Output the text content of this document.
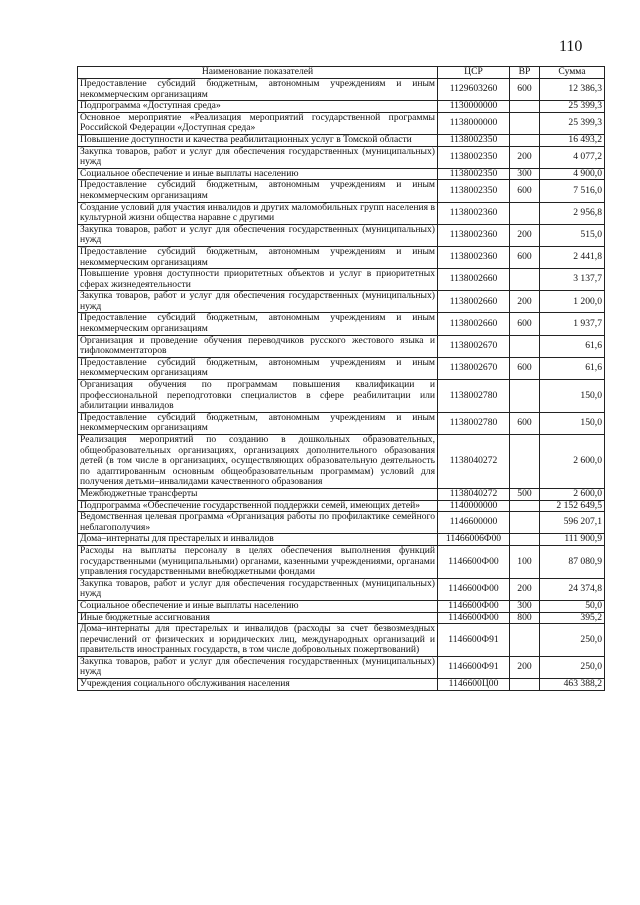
110
Наименование показателей	ЦСР	ВР	Сумма
Предоставление субсидий бюджетным, автономным учреждениям и иным некоммерческим организациям	1129603260	600	12 386,3
Подпрограмма «Доступная среда»	1130000000		25 399,3
Основное мероприятие «Реализация мероприятий государственной программы Российской Федерации «Доступная среда»	1138000000		25 399,3
Повышение доступности и качества реабилитационных услуг в Томской области	1138002350		16 493,2
Закупка товаров, работ и услуг для обеспечения государственных (муниципальных) нужд	1138002350	200	4 077,2
Социальное обеспечение и иные выплаты населению	1138002350	300	4 900,0
Предоставление субсидий бюджетным, автономным учреждениям и иным некоммерческим организациям	1138002350	600	7 516,0
Создание условий для участия инвалидов и других маломобильных групп населения в культурной жизни общества наравне с другими	1138002360		2 956,8
Закупка товаров, работ и услуг для обеспечения государственных (муниципальных) нужд	1138002360	200	515,0
Предоставление субсидий бюджетным, автономным учреждениям и иным некоммерческим организациям	1138002360	600	2 441,8
Повышение уровня доступности приоритетных объектов и услуг в приоритетных сферах жизнедеятельности	1138002660		3 137,7
Закупка товаров, работ и услуг для обеспечения государственных (муниципальных) нужд	1138002660	200	1 200,0
Предоставление субсидий бюджетным, автономным учреждениям и иным некоммерческим организациям	1138002660	600	1 937,7
Организация и проведение обучения переводчиков русского жестового языка и тифлокомментаторов	1138002670		61,6
Предоставление субсидий бюджетным, автономным учреждениям и иным некоммерческим организациям	1138002670	600	61,6
Организация обучения по программам повышения квалификации и профессиональной переподготовки специалистов в сфере реабилитации или абилитации инвалидов	1138002780		150,0
Предоставление субсидий бюджетным, автономным учреждениям и иным некоммерческим организациям	1138002780	600	150,0
Реализация мероприятий по созданию в дошкольных образовательных, общеобразовательных организациях, организациях дополнительного образования детей (в том числе в организациях, осуществляющих образовательную деятельность по адаптированным основным общеобразовательным программам) условий для получения детьми–инвалидами качественного образования	1138040272		2 600,0
Межбюджетные трансферты	1138040272	500	2 600,0
Подпрограмма «Обеспечение государственной поддержки семей, имеющих детей»	1140000000		2 152 649,5
Ведомственная целевая программа «Организация работы по профилактике семейного неблагополучия»	1146600000		596 207,1
Дома–интернаты для престарелых и инвалидов	11466006Ф00		111 900,9
Расходы на выплаты персоналу в целях обеспечения выполнения функций государственными (муниципальными) органами, казенными учреждениями, органами управления государственными внебюджетными фондами	1146600Ф00	100	87 080,9
Закупка товаров, работ и услуг для обеспечения государственных (муниципальных) нужд	1146600Ф00	200	24 374,8
Социальное обеспечение и иные выплаты населению	1146600Ф00	300	50,0
Иные бюджетные ассигнования	1146600Ф00	800	395,2
Дома–интернаты для престарелых и инвалидов (расходы за счет безвозмездных перечислений от физических и юридических лиц, международных организаций и правительств иностранных государств, в том числе добровольных пожертвований)	1146600Ф91		250,0
Закупка товаров, работ и услуг для обеспечения государственных (муниципальных) нужд	1146600Ф91	200	250,0
Учреждения социального обслуживания населения	1146600Ц00		463 388,2
